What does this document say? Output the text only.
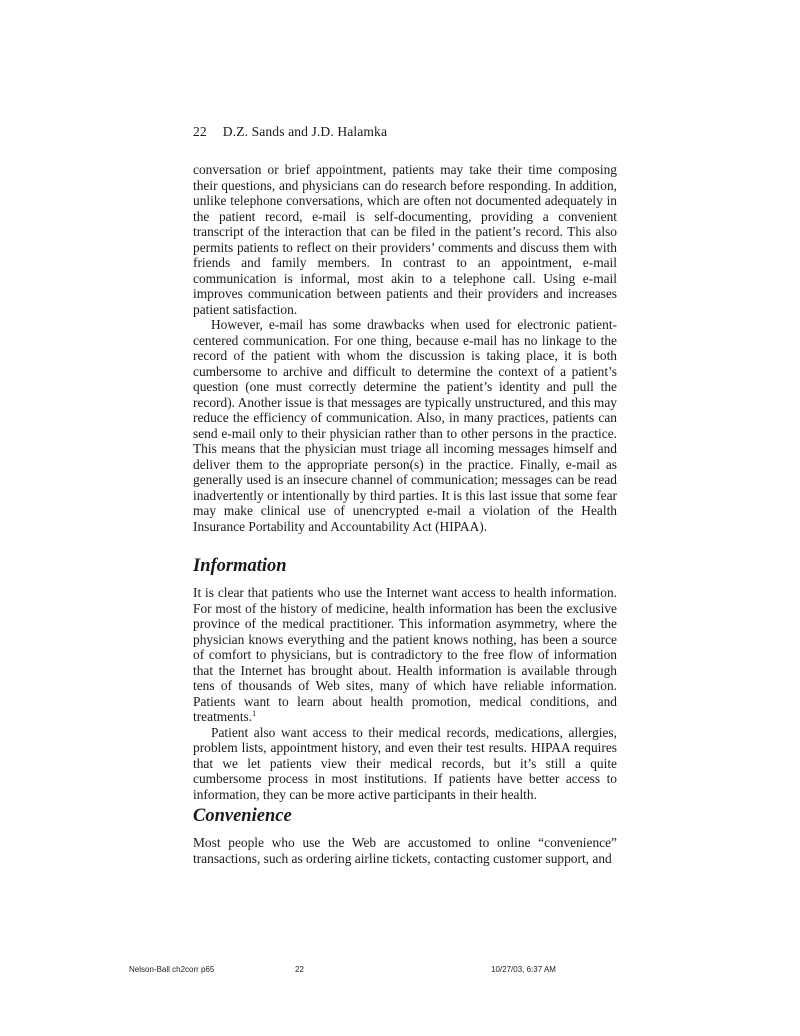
22 D.Z. Sands and J.D. Halamka

conversation or brief appointment, patients may take their time composing their questions, and physicians can do research before responding. In addition, unlike telephone conversations, which are often not documented adequately in the patient record, e-mail is self-documenting, providing a convenient transcript of the interaction that can be filed in the patient’s record. This also permits patients to reflect on their providers’ comments and discuss them with friends and family members. In contrast to an appointment, e-mail communication is informal, most akin to a telephone call. Using e-mail improves communication between patients and their providers and increases patient satisfaction.

However, e-mail has some drawbacks when used for electronic patient-centered communication. For one thing, because e-mail has no linkage to the record of the patient with whom the discussion is taking place, it is both cumbersome to archive and difficult to determine the context of a patient’s question (one must correctly determine the patient’s identity and pull the record). Another issue is that messages are typically unstructured, and this may reduce the efficiency of communication. Also, in many practices, patients can send e-mail only to their physician rather than to other persons in the practice. This means that the physician must triage all incoming messages himself and deliver them to the appropriate person(s) in the practice. Finally, e-mail as generally used is an insecure channel of communication; messages can be read inadvertently or intentionally by third parties. It is this last issue that some fear may make clinical use of unencrypted e-mail a violation of the Health Insurance Portability and Accountability Act (HIPAA).

Information

It is clear that patients who use the Internet want access to health information. For most of the history of medicine, health information has been the exclusive province of the medical practitioner. This information asymmetry, where the physician knows everything and the patient knows nothing, has been a source of comfort to physicians, but is contradictory to the free flow of information that the Internet has brought about. Health information is available through tens of thousands of Web sites, many of which have reliable information. Patients want to learn about health promotion, medical conditions, and treatments.$^1$

Patient also want access to their medical records, medications, allergies, problem lists, appointment history, and even their test results. HIPAA requires that we let patients view their medical records, but it’s still a quite cumbersome process in most institutions. If patients have better access to information, they can be more active participants in their health.

Convenience

Most people who use the Web are accustomed to online “convenience” transactions, such as ordering airline tickets, contacting customer support, and

Nelson-Ball ch2corr p65	22	10/27/03, 6:37 AM
